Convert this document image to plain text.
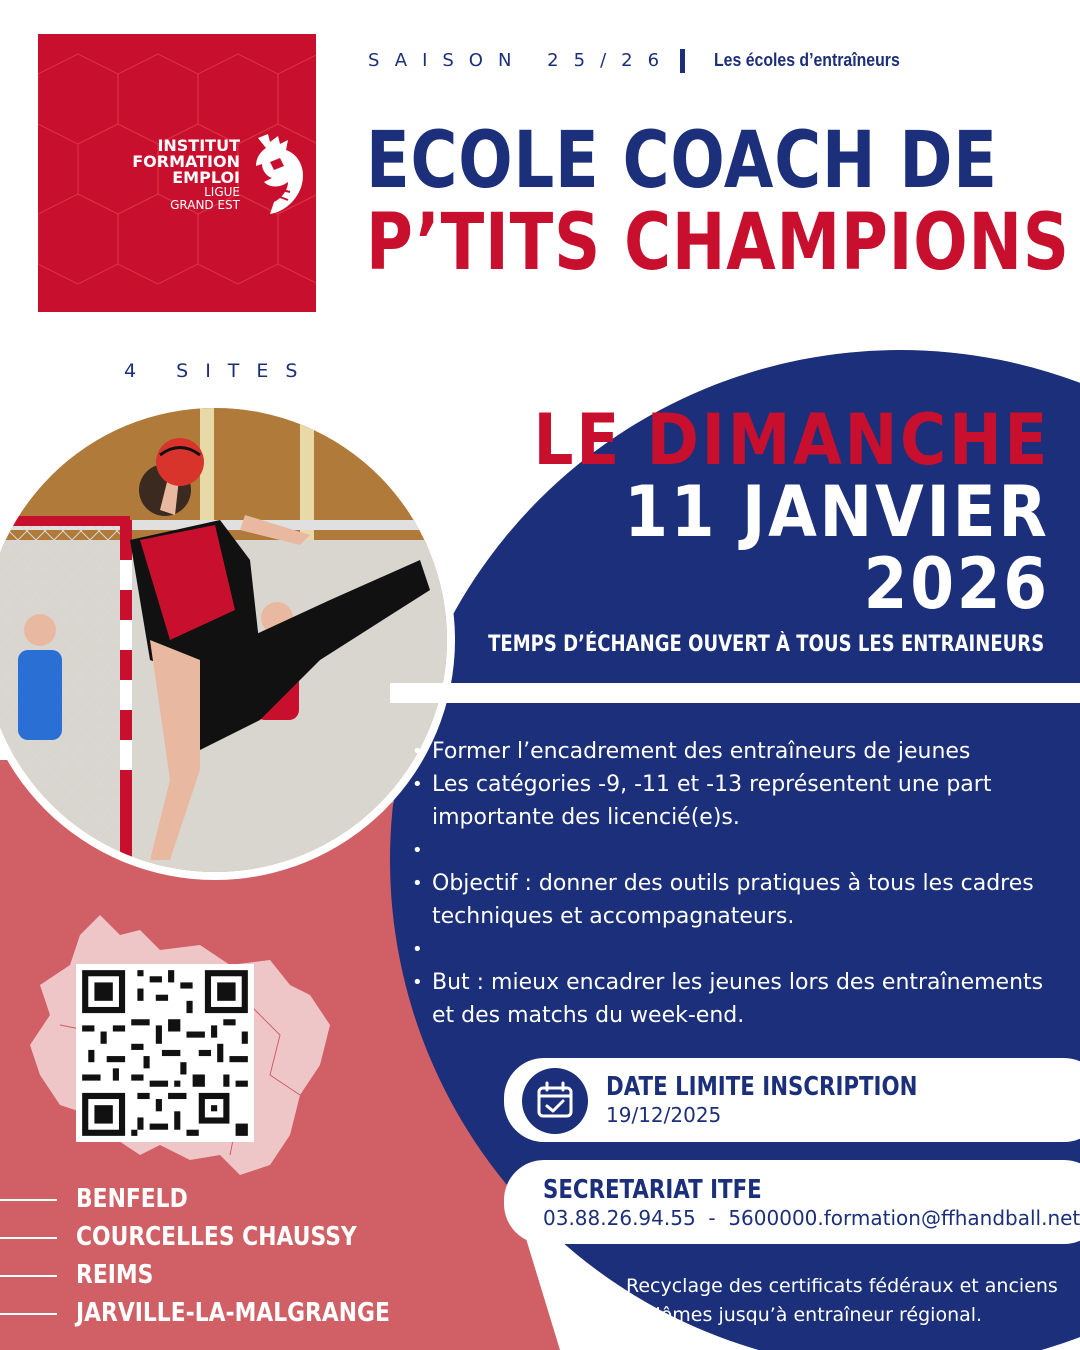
INSTITUT
FORMATION
EMPLOI
LIGUE
GRAND EST
SAISON 25/26 Les écoles d’entraîneurs
ECOLE COACH DE
P’TITS CHAMPIONS
4 SITES
LE DIMANCHE
11 JANVIER
2026
TEMPS D’ÉCHANGE OUVERT À TOUS LES ENTRAINEURS
• Former l’encadrement des entraîneurs de jeunes
• Les catégories -9, -11 et -13 représentent une part importante des licencié(e)s.
•
• Objectif : donner des outils pratiques à tous les cadres techniques et accompagnateurs.
•
• But : mieux encadrer les jeunes lors des entraînements et des matchs du week-end.
DATE LIMITE INSCRIPTION
19/12/2025
SECRETARIAT ITFE
03.88.26.94.55  -  5600000.formation@ffhandball.net
Recyclage des certificats fédéraux et anciens diplômes jusqu’à entraîneur régional.
BENFELD
COURCELLES CHAUSSY
REIMS
JARVILLE-LA-MALGRANGE
